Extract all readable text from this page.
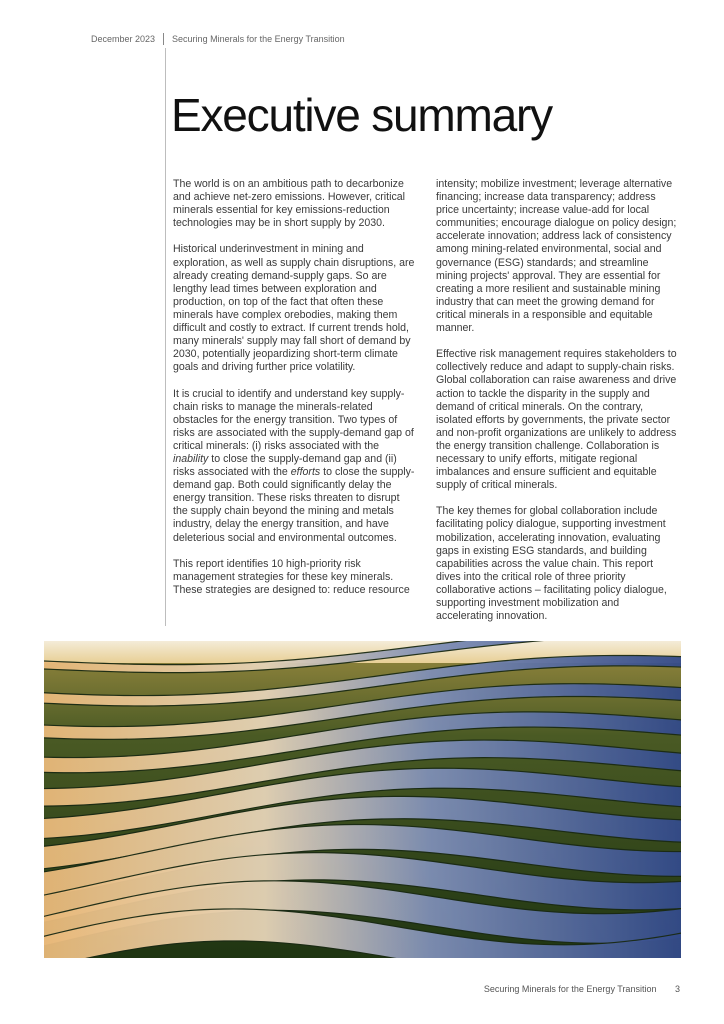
December 2023	Securing Minerals for the Energy Transition
Executive summary

The world is on an ambitious path to decarbonize and achieve net-zero emissions. However, critical minerals essential for key emissions-reduction technologies may be in short supply by 2030.

Historical underinvestment in mining and exploration, as well as supply chain disruptions, are already creating demand-supply gaps. So are lengthy lead times between exploration and production, on top of the fact that often these minerals have complex orebodies, making them difficult and costly to extract. If current trends hold, many minerals' supply may fall short of demand by 2030, potentially jeopardizing short-term climate goals and driving further price volatility.

It is crucial to identify and understand key supply-chain risks to manage the minerals-related obstacles for the energy transition. Two types of risks are associated with the supply-demand gap of critical minerals: (i) risks associated with the inability to close the supply-demand gap and (ii) risks associated with the efforts to close the supply-demand gap. Both could significantly delay the energy transition. These risks threaten to disrupt the supply chain beyond the mining and metals industry, delay the energy transition, and have deleterious social and environmental outcomes.

This report identifies 10 high-priority risk management strategies for these key minerals. These strategies are designed to: reduce resource

intensity; mobilize investment; leverage alternative financing; increase data transparency; address price uncertainty; increase value-add for local communities; encourage dialogue on policy design; accelerate innovation; address lack of consistency among mining-related environmental, social and governance (ESG) standards; and streamline mining projects' approval. They are essential for creating a more resilient and sustainable mining industry that can meet the growing demand for critical minerals in a responsible and equitable manner.

Effective risk management requires stakeholders to collectively reduce and adapt to supply-chain risks. Global collaboration can raise awareness and drive action to tackle the disparity in the supply and demand of critical minerals. On the contrary, isolated efforts by governments, the private sector and non-profit organizations are unlikely to address the energy transition challenge. Collaboration is necessary to unify efforts, mitigate regional imbalances and ensure sufficient and equitable supply of critical minerals.

The key themes for global collaboration include facilitating policy dialogue, supporting investment mobilization, accelerating innovation, evaluating gaps in existing ESG standards, and building capabilities across the value chain. This report dives into the critical role of three priority collaborative actions – facilitating policy dialogue, supporting investment mobilization and accelerating innovation.

Securing Minerals for the Energy Transition 3
